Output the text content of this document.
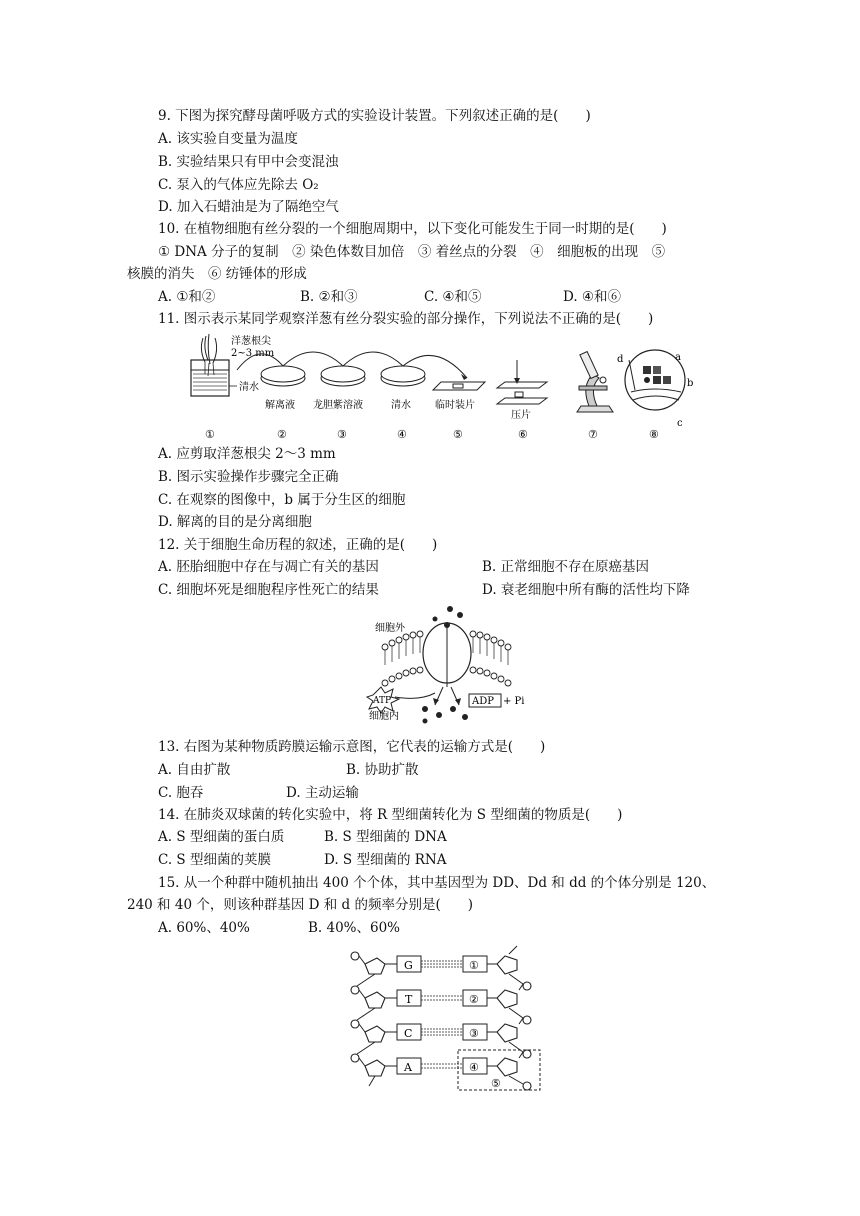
9. 下图为探究酵母菌呼吸方式的实验设计装置。下列叙述正确的是(　　)
A. 该实验自变量为温度
B. 实验结果只有甲中会变混浊
C. 泵入的气体应先除去 O₂
D. 加入石蜡油是为了隔绝空气
10. 在植物细胞有丝分裂的一个细胞周期中，以下变化可能发生于同一时期的是(　　)
① DNA 分子的复制　② 染色体数目加倍　③ 着丝点的分裂　④　细胞板的出现　⑤
核膜的消失　⑥ 纺锤体的形成
A. ①和②	B. ②和③	C. ④和⑤	D. ④和⑥
11. 图示表示某同学观察洋葱有丝分裂实验的部分操作，下列说法不正确的是(　　)
洋葱根尖
2~3 mm
清水
d	a
b
c
解离液 龙胆紫溶液	清水 临时装片
压片
①	②	③	④	⑤	⑥	⑦	⑧
A. 应剪取洋葱根尖 2～3 mm
B. 图示实验操作步骤完全正确
C. 在观察的图像中，b 属于分生区的细胞
D. 解离的目的是分离细胞
12. 关于细胞生命历程的叙述，正确的是(　　)
A. 胚胎细胞中存在与凋亡有关的基因	B. 正常细胞不存在原癌基因
C. 细胞坏死是细胞程序性死亡的结果	D. 衰老细胞中所有酶的活性均下降
ATP	ADP + Pi
细胞外
细胞内
13. 右图为某种物质跨膜运输示意图，它代表的运输方式是(　　)
A. 自由扩散	B. 协助扩散
C. 胞吞	D. 主动运输
14. 在肺炎双球菌的转化实验中，将 R 型细菌转化为 S 型细菌的物质是(　　)
A. S 型细菌的蛋白质	B. S 型细菌的 DNA
C. S 型细菌的荚膜	D. S 型细菌的 RNA
15. 从一个种群中随机抽出 400 个个体，其中基因型为 DD、Dd 和 dd 的个体分别是 120、
240 和 40 个，则该种群基因 D 和 d 的频率分别是(　　)
A. 60%、40%	B. 40%、60%
G
T
C
A
①
②
③
④
⑤
